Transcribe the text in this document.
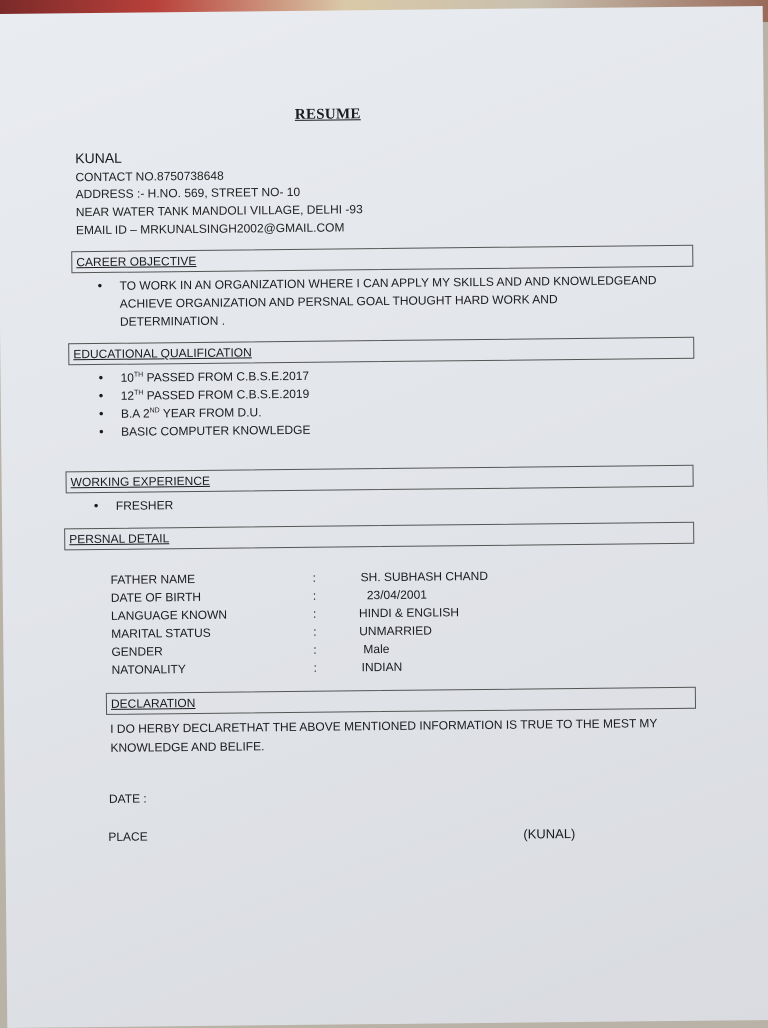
RESUME
KUNAL
CONTACT NO.8750738648
ADDRESS :- H.NO. 569, STREET NO- 10
NEAR WATER TANK MANDOLI VILLAGE, DELHI -93
EMAIL ID – MRKUNALSINGH2002@GMAIL.COM
CAREER OBJECTIVE
• TO WORK IN AN ORGANIZATION WHERE I CAN APPLY MY SKILLS AND AND KNOWLEDGEAND ACHIEVE ORGANIZATION AND PERSNAL GOAL THOUGHT HARD WORK AND DETERMINATION .
EDUCATIONAL QUALIFICATION
• 10TH PASSED FROM C.B.S.E.2017
• 12TH PASSED FROM C.B.S.E.2019
• B.A 2ND YEAR FROM D.U.
• BASIC COMPUTER KNOWLEDGE
WORKING EXPERIENCE
• FRESHER
PERSNAL DETAIL
FATHER NAME	:	SH. SUBHASH CHAND
DATE OF BIRTH	:	23/04/2001
LANGUAGE KNOWN	:	HINDI & ENGLISH
MARITAL STATUS	:	UNMARRIED
GENDER	:	Male
NATONALITY	:	INDIAN
DECLARATION
I DO HERBY DECLARETHAT THE ABOVE MENTIONED INFORMATION IS TRUE TO THE MEST MY KNOWLEDGE AND BELIFE.
DATE :
PLACE	(KUNAL)
